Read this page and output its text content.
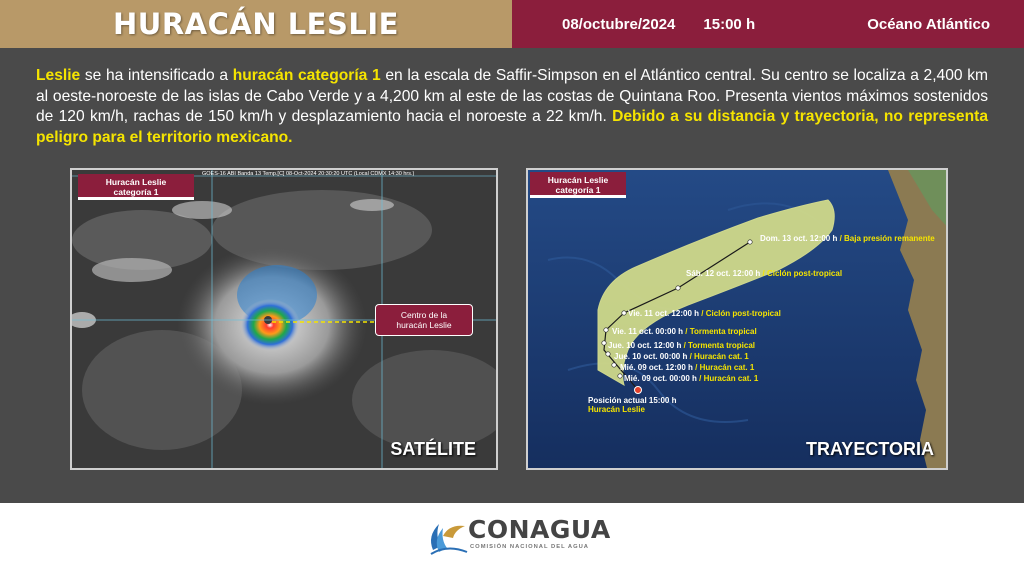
HURACÁN LESLIE	08/octubre/2024 15:00 h	Océano Atlántico

Leslie se ha intensificado a huracán categoría 1 en la escala de Saffir-Simpson en el Atlántico central. Su centro se localiza a 2,400 km al oeste-noroeste de las islas de Cabo Verde y a 4,200 km al este de las costas de Quintana Roo. Presenta vientos máximos sostenidos de 120 km/h, rachas de 150 km/h y desplazamiento hacia el noroeste a 22 km/h. Debido a su distancia y trayectoria, no representa peligro para el territorio mexicano.

GOES-16 ABI Banda 13 Temp.[C] 08-Oct-2024 20:30:20 UTC (Local CDMX 14:30 hrs.)
Huracán Leslie
categoría 1
Centro de la
huracán Leslie
SATÉLITE
Huracán Leslie
categoría 1
Dom. 13 oct. 12:00 h / Baja presión remanente
Sáb. 12 oct. 12:00 h / Ciclón post-tropical
Vie. 11 oct. 12:00 h / Ciclón post-tropical
Vie. 11 oct. 00:00 h / Tormenta tropical
Jue. 10 oct. 12:00 h / Tormenta tropical
Jue. 10 oct. 00:00 h / Huracán cat. 1
Mié. 09 oct. 12:00 h / Huracán cat. 1
Mié. 09 oct. 00:00 h / Huracán cat. 1
Posición actual 15:00 h
Huracán Leslie
TRAYECTORIA
CONAGUA
COMISIÓN NACIONAL DEL AGUA
